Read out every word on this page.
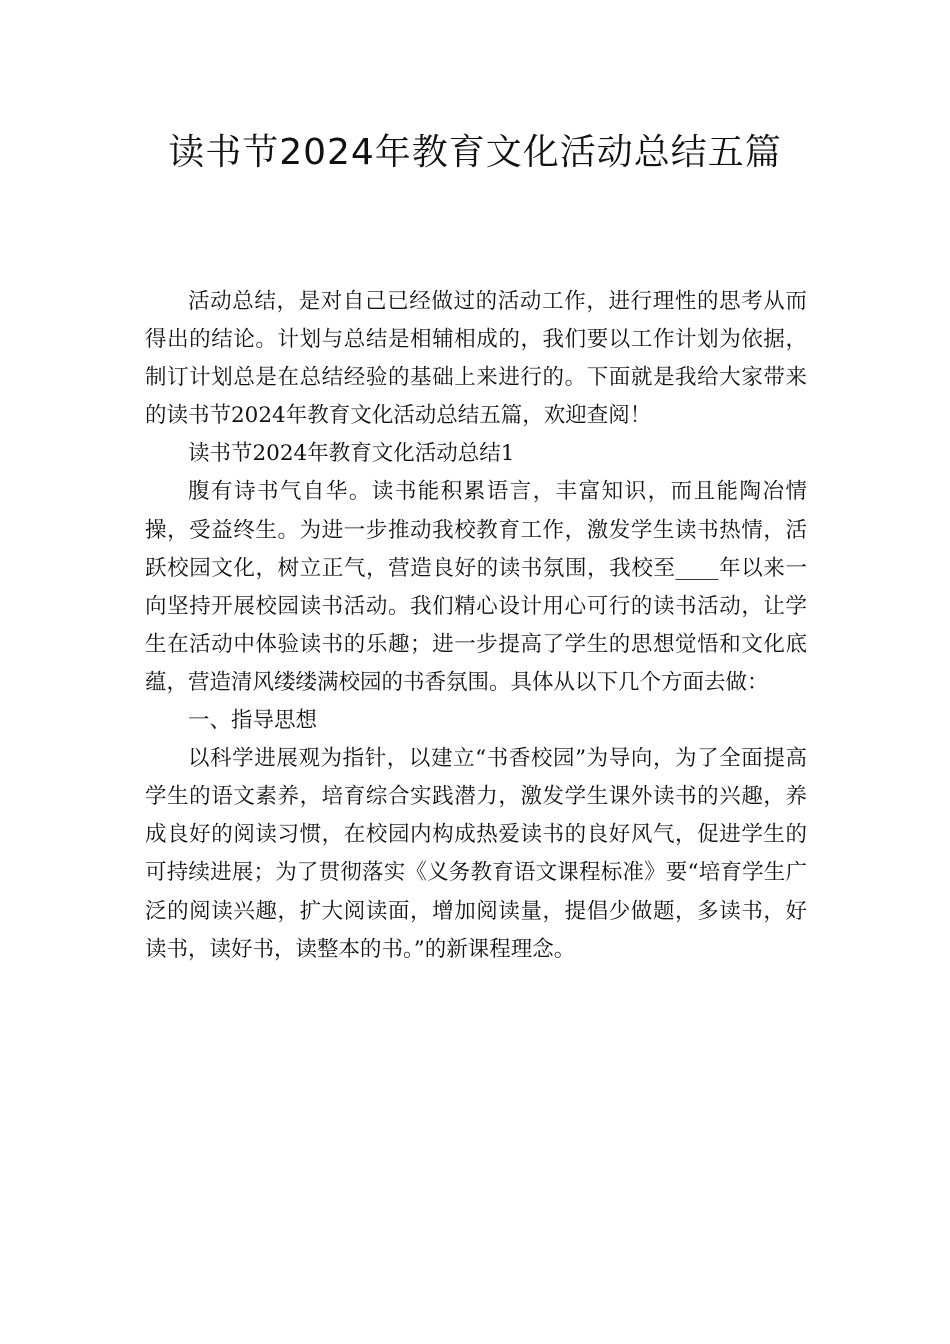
读书节2024年教育文化活动总结五篇

活动总结，是对自己已经做过的活动工作，进行理性的思考从而得出的结论。计划与总结是相辅相成的，我们要以工作计划为依据，制订计划总是在总结经验的基础上来进行的。下面就是我给大家带来的读书节2024年教育文化活动总结五篇，欢迎查阅！

读书节2024年教育文化活动总结1

腹有诗书气自华。读书能积累语言，丰富知识，而且能陶冶情操，受益终生。为进一步推动我校教育工作，激发学生读书热情，活跃校园文化，树立正气，营造良好的读书氛围，我校至____年以来一向坚持开展校园读书活动。我们精心设计用心可行的读书活动，让学生在活动中体验读书的乐趣；进一步提高了学生的思想觉悟和文化底蕴，营造清风缕缕满校园的书香氛围。具体从以下几个方面去做：

一、指导思想

以科学进展观为指针，以建立“书香校园”为导向，为了全面提高学生的语文素养，培育综合实践潜力，激发学生课外读书的兴趣，养成良好的阅读习惯，在校园内构成热爱读书的良好风气，促进学生的可持续进展；为了贯彻落实《义务教育语文课程标准》要“培育学生广泛的阅读兴趣，扩大阅读面，增加阅读量，提倡少做题，多读书，好读书，读好书，读整本的书。”的新课程理念。
